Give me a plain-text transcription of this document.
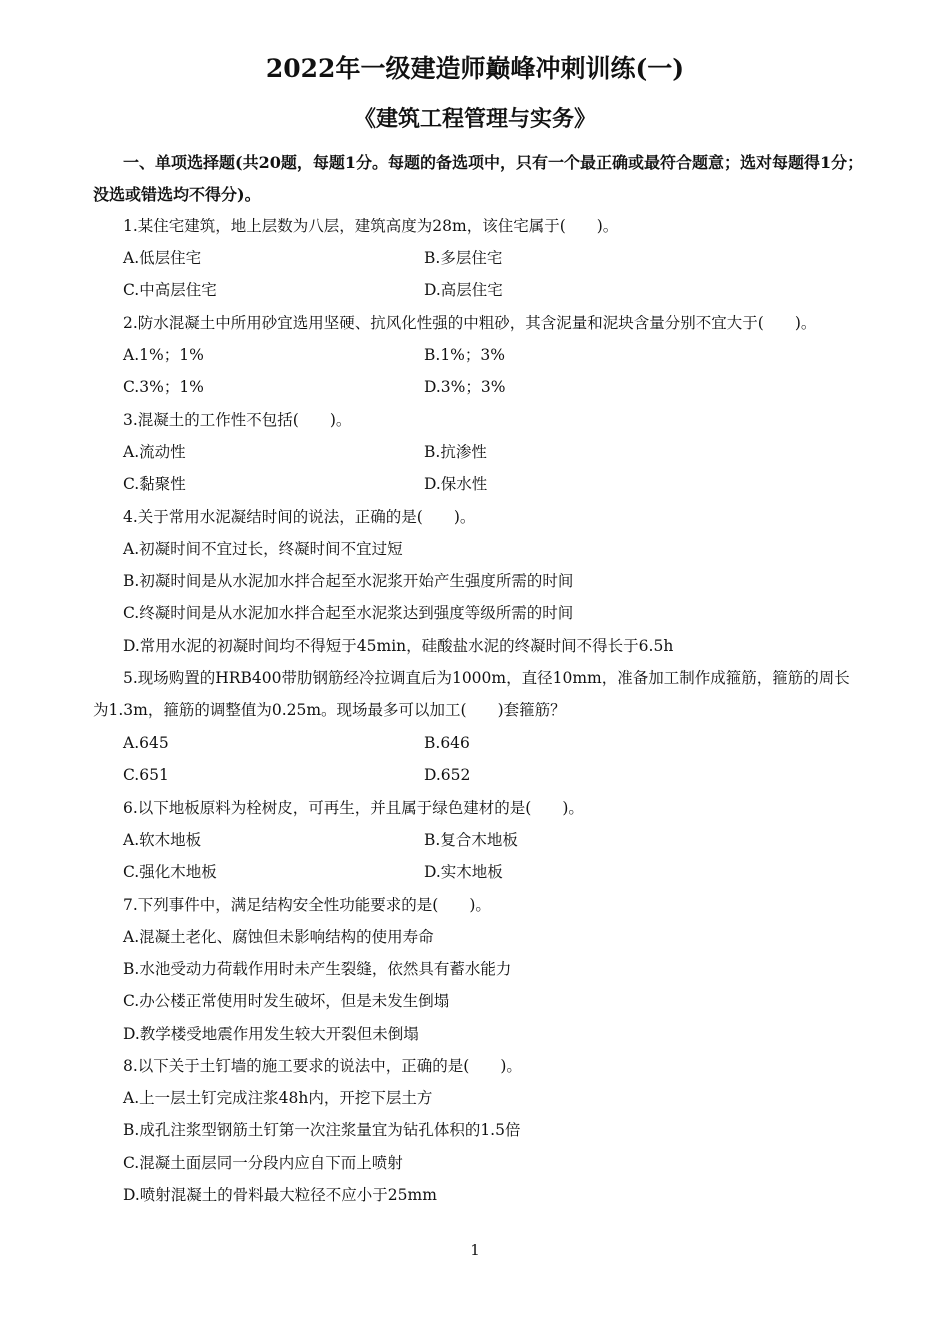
2022年一级建造师巅峰冲刺训练(一)
《建筑工程管理与实务》

一、单项选择题(共20题，每题1分。每题的备选项中，只有一个最正确或最符合题意；选对每题得1分；没选或错选均不得分)。

1.某住宅建筑，地上层数为八层，建筑高度为28m，该住宅属于(　　)。

A.低层住宅	B.多层住宅

C.中高层住宅	D.高层住宅

2.防水混凝土中所用砂宜选用坚硬、抗风化性强的中粗砂，其含泥量和泥块含量分别不宜大于(　　)。

A.1%；1%	B.1%；3%

C.3%；1%	D.3%；3%

3.混凝土的工作性不包括(　　)。

A.流动性	B.抗渗性

C.黏聚性	D.保水性

4.关于常用水泥凝结时间的说法，正确的是(　　)。

A.初凝时间不宜过长，终凝时间不宜过短

B.初凝时间是从水泥加水拌合起至水泥浆开始产生强度所需的时间

C.终凝时间是从水泥加水拌合起至水泥浆达到强度等级所需的时间

D.常用水泥的初凝时间均不得短于45min，硅酸盐水泥的终凝时间不得长于6.5h

5.现场购置的HRB400带肋钢筋经冷拉调直后为1000m，直径10mm，准备加工制作成箍筋，箍筋的周长为1.3m，箍筋的调整值为0.25m。现场最多可以加工(　　)套箍筋？

A.645	B.646

C.651	D.652

6.以下地板原料为栓树皮，可再生，并且属于绿色建材的是(　　)。

A.软木地板	B.复合木地板

C.强化木地板	D.实木地板

7.下列事件中，满足结构安全性功能要求的是(　　)。

A.混凝土老化、腐蚀但未影响结构的使用寿命

B.水池受动力荷载作用时未产生裂缝，依然具有蓄水能力

C.办公楼正常使用时发生破坏，但是未发生倒塌

D.教学楼受地震作用发生较大开裂但未倒塌

8.以下关于土钉墙的施工要求的说法中，正确的是(　　)。

A.上一层土钉完成注浆48h内，开挖下层土方

B.成孔注浆型钢筋土钉第一次注浆量宜为钻孔体积的1.5倍

C.混凝土面层同一分段内应自下而上喷射

D.喷射混凝土的骨料最大粒径不应小于25mm

1
